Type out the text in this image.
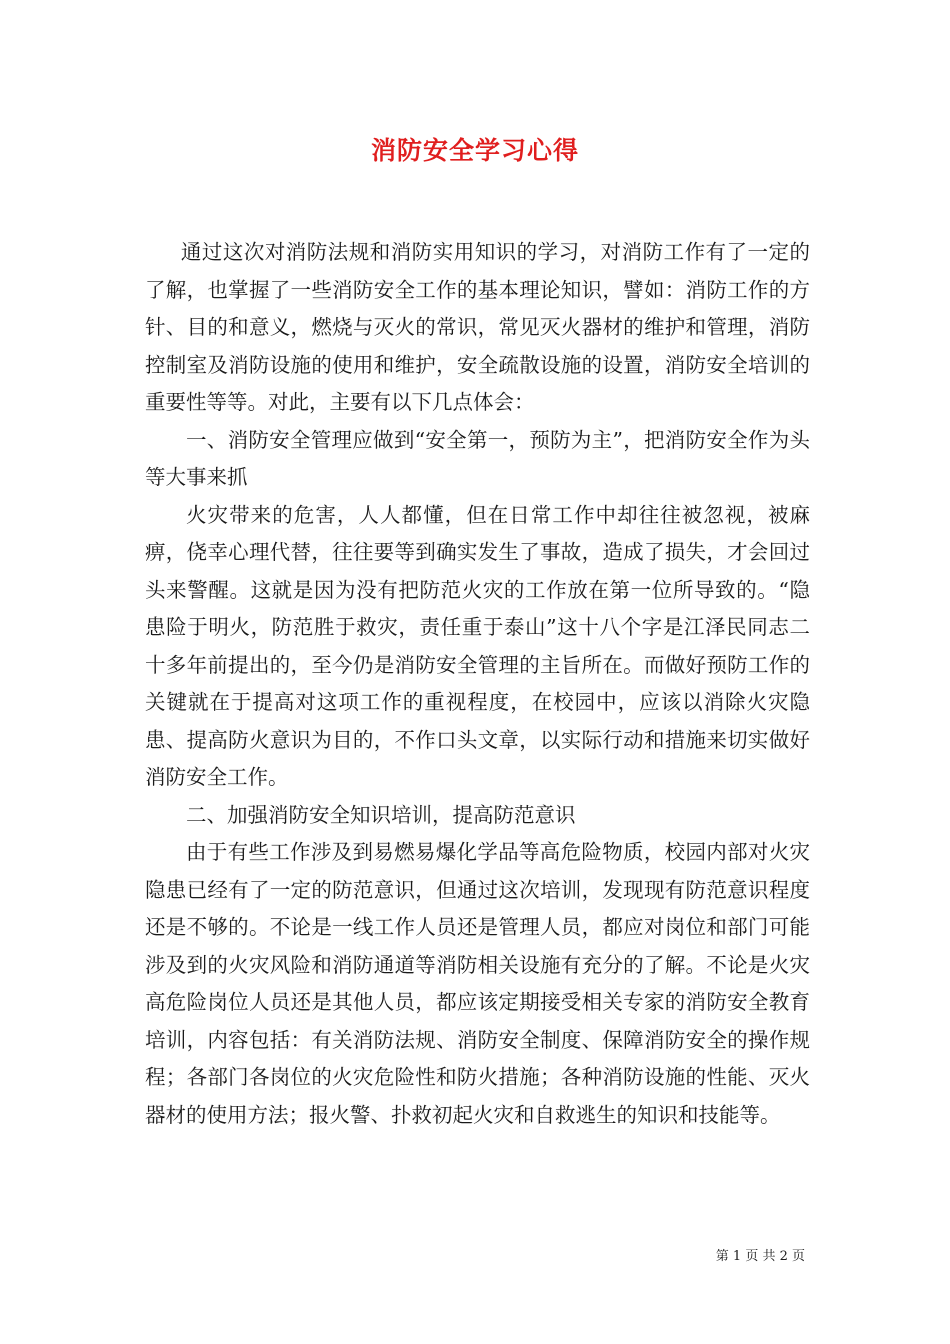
消防安全学习心得

通过这次对消防法规和消防实用知识的学习，对消防工作有了一定的了解，也掌握了一些消防安全工作的基本理论知识，譬如：消防工作的方针、目的和意义，燃烧与灭火的常识，常见灭火器材的维护和管理，消防控制室及消防设施的使用和维护，安全疏散设施的设置，消防安全培训的重要性等等。对此，主要有以下几点体会：

一、消防安全管理应做到“安全第一，预防为主”，把消防安全作为头等大事来抓

火灾带来的危害，人人都懂，但在日常工作中却往往被忽视，被麻痹，侥幸心理代替，往往要等到确实发生了事故，造成了损失，才会回过头来警醒。这就是因为没有把防范火灾的工作放在第一位所导致的。“隐患险于明火，防范胜于救灾，责任重于泰山”这十八个字是江泽民同志二十多年前提出的，至今仍是消防安全管理的主旨所在。而做好预防工作的关键就在于提高对这项工作的重视程度，在校园中，应该以消除火灾隐患、提高防火意识为目的，不作口头文章，以实际行动和措施来切实做好消防安全工作。

二、加强消防安全知识培训，提高防范意识

由于有些工作涉及到易燃易爆化学品等高危险物质，校园内部对火灾隐患已经有了一定的防范意识，但通过这次培训，发现现有防范意识程度还是不够的。不论是一线工作人员还是管理人员，都应对岗位和部门可能涉及到的火灾风险和消防通道等消防相关设施有充分的了解。不论是火灾高危险岗位人员还是其他人员，都应该定期接受相关专家的消防安全教育培训，内容包括：有关消防法规、消防安全制度、保障消防安全的操作规程；各部门各岗位的火灾危险性和防火措施；各种消防设施的性能、灭火器材的使用方法；报火警、扑救初起火灾和自救逃生的知识和技能等。

第 1 页 共 2 页
